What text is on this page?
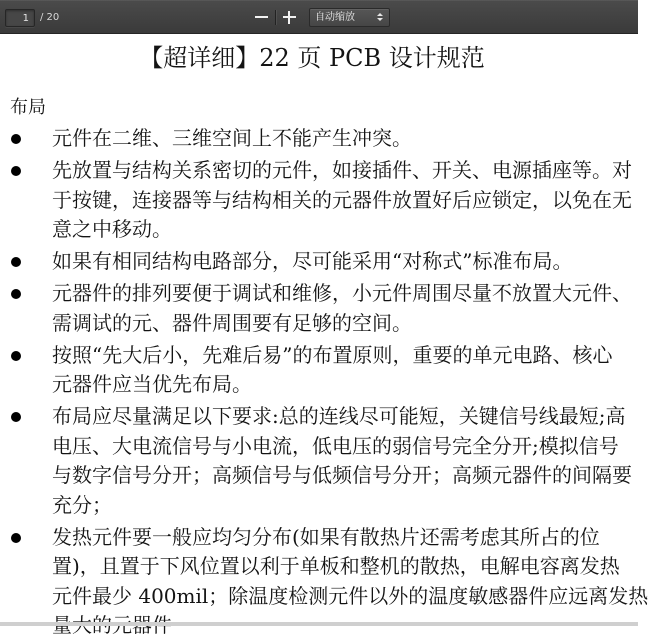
1
/ 20	自动缩放
【超详细】22 页 PCB 设计规范
布局
元件在二维、三维空间上不能产生冲突。
先放置与结构关系密切的元件，如接插件、开关、电源插座等。对
于按键，连接器等与结构相关的元器件放置好后应锁定，以免在无
意之中移动。
如果有相同结构电路部分，尽可能采用“对称式”标准布局。
元器件的排列要便于调试和维修，小元件周围尽量不放置大元件、
需调试的元、器件周围要有足够的空间。
按照“先大后小，先难后易”的布置原则，重要的单元电路、核心
元器件应当优先布局。
布局应尽量满足以下要求:总的连线尽可能短，关键信号线最短;高
电压、大电流信号与小电流，低电压的弱信号完全分开;模拟信号
与数字信号分开；高频信号与低频信号分开；高频元器件的间隔要
充分；
发热元件要一般应均匀分布(如果有散热片还需考虑其所占的位
置)，且置于下风位置以利于单板和整机的散热，电解电容离发热
元件最少 400mil；除温度检测元件以外的温度敏感器件应远离发热
